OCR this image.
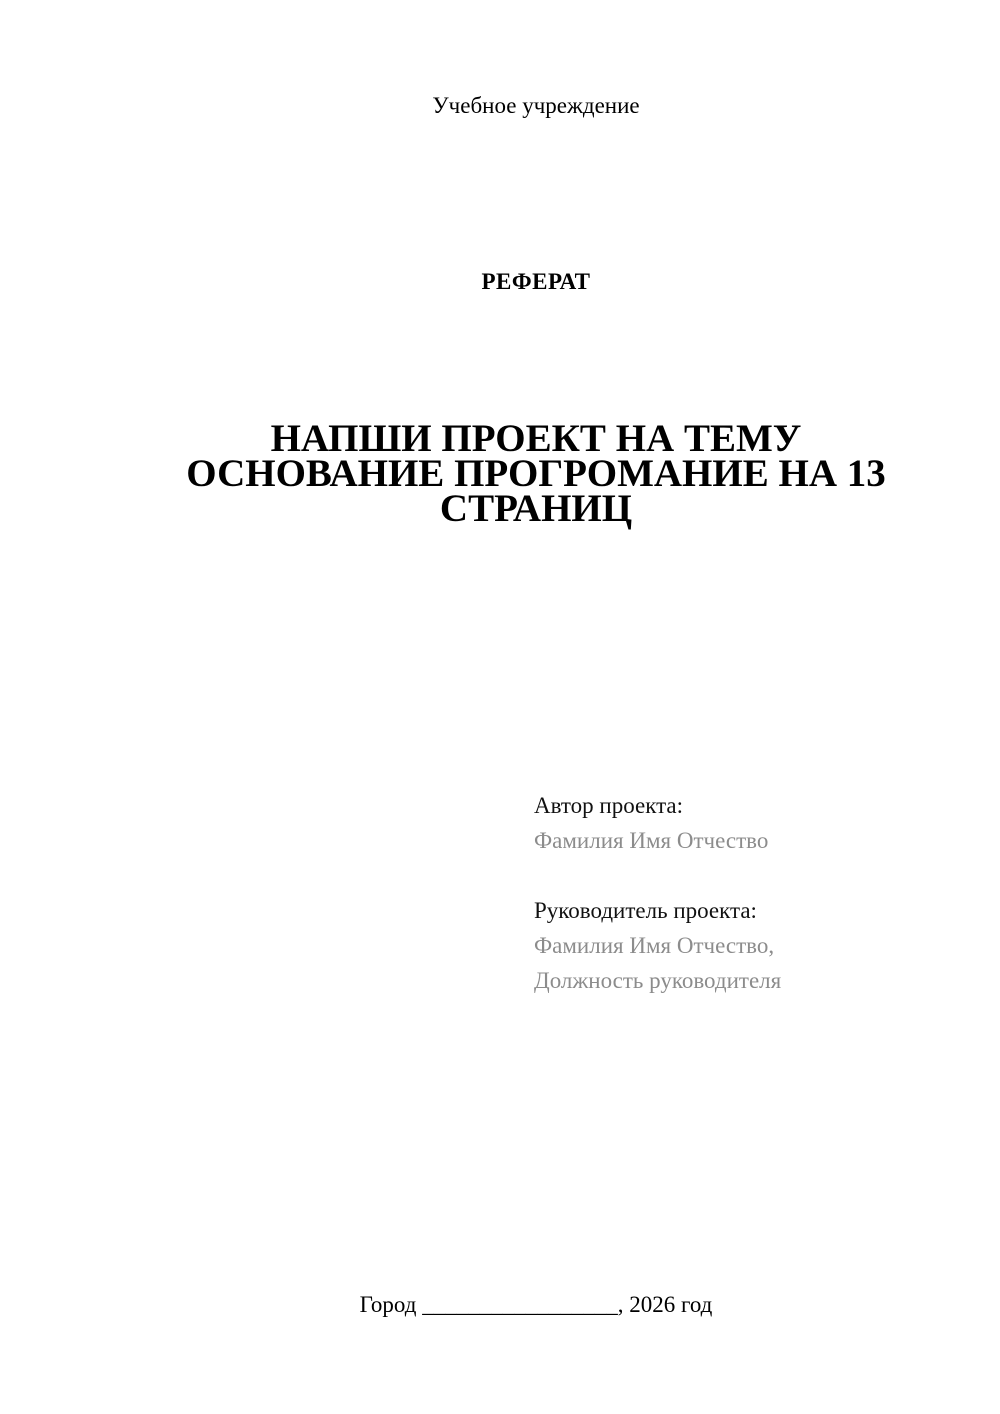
Учебное учреждение
РЕФЕРАТ
НАПШИ ПРОЕКТ НА ТЕМУ
ОСНОВАНИЕ ПРОГРОМАНИЕ НА 13
СТРАНИЦ
Автор проекта:
Фамилия Имя Отчество
Руководитель проекта:
Фамилия Имя Отчество,
Должность руководителя
Город _________________, 2026 год
